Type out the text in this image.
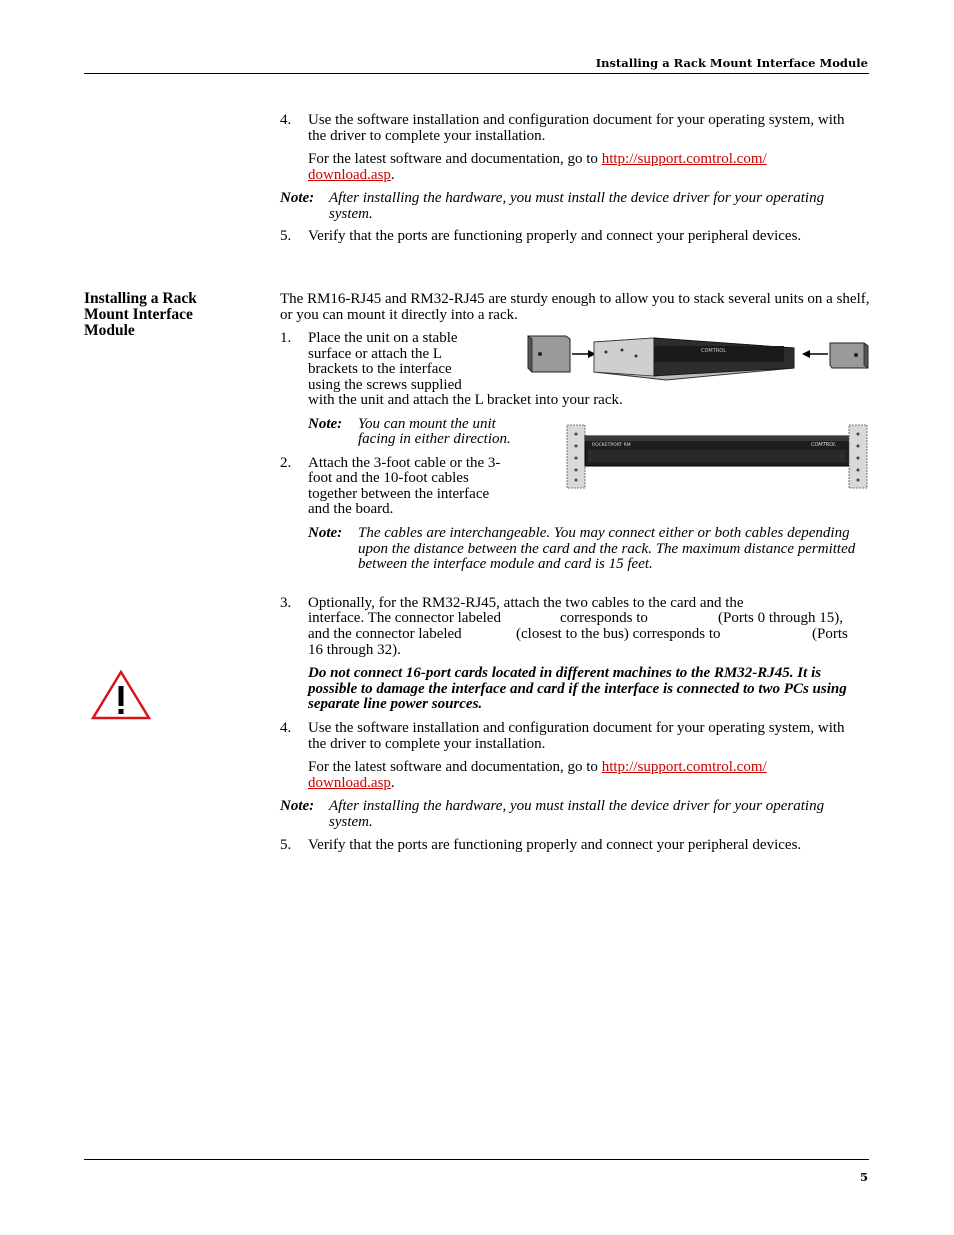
Installing a Rack Mount Interface Module
4.	Use the software installation and configuration document for your operating system, with the driver to complete your installation.
For the latest software and documentation, go to http://support.comtrol.com/
download.asp.
Note: After installing the hardware, you must install the device driver for your operating system.
5.	Verify that the ports are functioning properly and connect your peripheral devices.
Installing a Rack Mount Interface Module
The RM16-RJ45 and RM32-RJ45 are sturdy enough to allow you to stack several units on a shelf, or you can mount it directly into a rack.
1.	Place the unit on a stable
surface or attach the L
brackets to the interface
using the screws supplied
with the unit and attach the L bracket into your rack.
COMTROL
Note: You can mount the unit
facing in either direction.	ROCKETPORT RM	COMTROL
2.	Attach the 3-foot cable or the 3-
foot and the 10-foot cables
together between the interface
and the board.
Note: The cables are interchangeable. You may connect either or both cables depending upon the distance between the card and the rack. The maximum distance permitted between the interface module and card is 15 feet.
3.	Optionally, for the RM32-RJ45, attach the two cables to the card and the
interface. The connector labeled	corresponds to	(Ports 0 through 15),
and the connector labeled	(closest to the bus) corresponds to	(Ports
16 through 32).
Do not connect 16-port cards located in different machines to the RM32-RJ45. It is possible to damage the interface and card if the interface is connected to two PCs using separate line power sources.
4.	Use the software installation and configuration document for your operating system, with the driver to complete your installation.
For the latest software and documentation, go to http://support.comtrol.com/
download.asp.
Note: After installing the hardware, you must install the device driver for your operating system.
5.	Verify that the ports are functioning properly and connect your peripheral devices.
5
